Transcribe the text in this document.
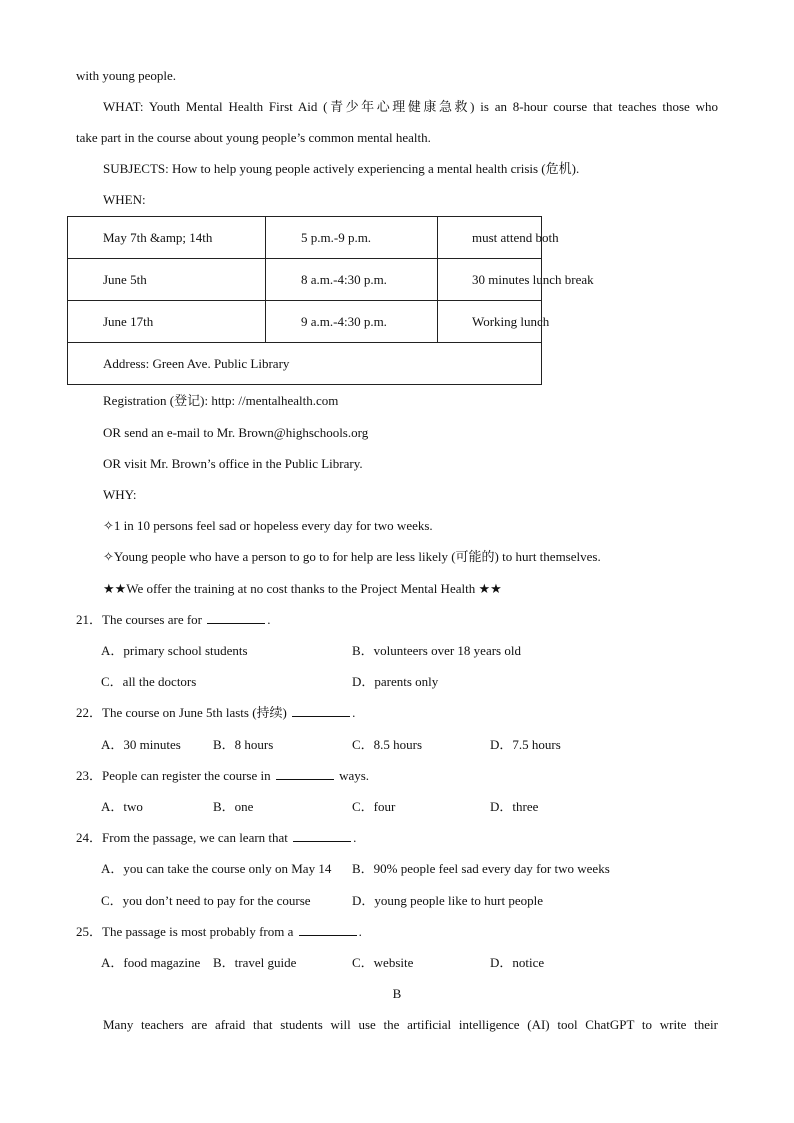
with young people.
WHAT: Youth Mental Health First Aid (青少年心理健康急救) is an 8-hour course that teaches those who
take part in the course about young people’s common mental health.
SUBJECTS: How to help young people actively experiencing a mental health crisis (危机).
WHEN:
May 7th &amp; 14th	5 p.m.-9 p.m.	must attend both
June 5th	8 a.m.-4:30 p.m.	30 minutes lunch break
June 17th	9 a.m.-4:30 p.m.	Working lunch
Address: Green Ave. Public Library		
Registration (登记): http: //mentalhealth.com
OR send an e-mail to Mr. Brown@highschools.org
OR visit Mr. Brown’s office in the Public Library.
WHY:
✧1 in 10 persons feel sad or hopeless every day for two weeks.
✧Young people who have a person to go to for help are less likely (可能的) to hurt themselves.
★★We offer the training at no cost thanks to the Project Mental Health ★★
21．The courses are for	.
A．primary school students	B．volunteers over 18 years old
C．all the doctors	D．parents only
22．The course on June 5th lasts (持续)	.
A．30 minutes B．8 hours	C．8.5 hours	D．7.5 hours
23．People can register the course in	ways.
A．two	B．one	C．four	D．three
24．From the passage, we can learn that	.
A．you can take the course only on May 14 B．90% people feel sad every day for two weeks
C．you don’t need to pay for the course	D．young people like to hurt people
25．The passage is most probably from a	.
A．food magazine B．travel guide	C．website	D．notice
B
Many teachers are afraid that students will use the artificial intelligence (AI) tool ChatGPT to write their
